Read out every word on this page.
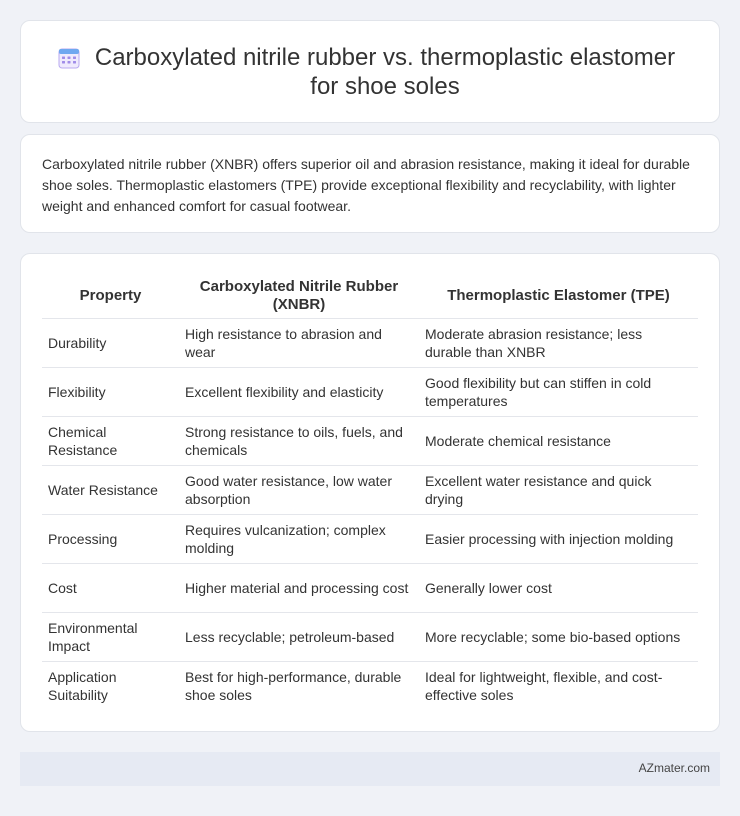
Carboxylated nitrile rubber vs. thermoplastic elastomer for shoe soles

Carboxylated nitrile rubber (XNBR) offers superior oil and abrasion resistance, making it ideal for durable shoe soles. Thermoplastic elastomers (TPE) provide exceptional flexibility and recyclability, with lighter weight and enhanced comfort for casual footwear.

Property	Carboxylated Nitrile Rubber (XNBR)	Thermoplastic Elastomer (TPE)
Durability	High resistance to abrasion and wear	Moderate abrasion resistance; less durable than XNBR
Flexibility	Excellent flexibility and elasticity	Good flexibility but can stiffen in cold temperatures
Chemical Resistance	Strong resistance to oils, fuels, and chemicals	Moderate chemical resistance
Water Resistance	Good water resistance, low water absorption	Excellent water resistance and quick drying
Processing	Requires vulcanization; complex molding	Easier processing with injection molding
Cost	Higher material and processing cost	Generally lower cost
Environmental Impact	Less recyclable; petroleum-based	More recyclable; some bio-based options
Application Suitability	Best for high-performance, durable shoe soles	Ideal for lightweight, flexible, and cost-effective soles
AZmater.com
